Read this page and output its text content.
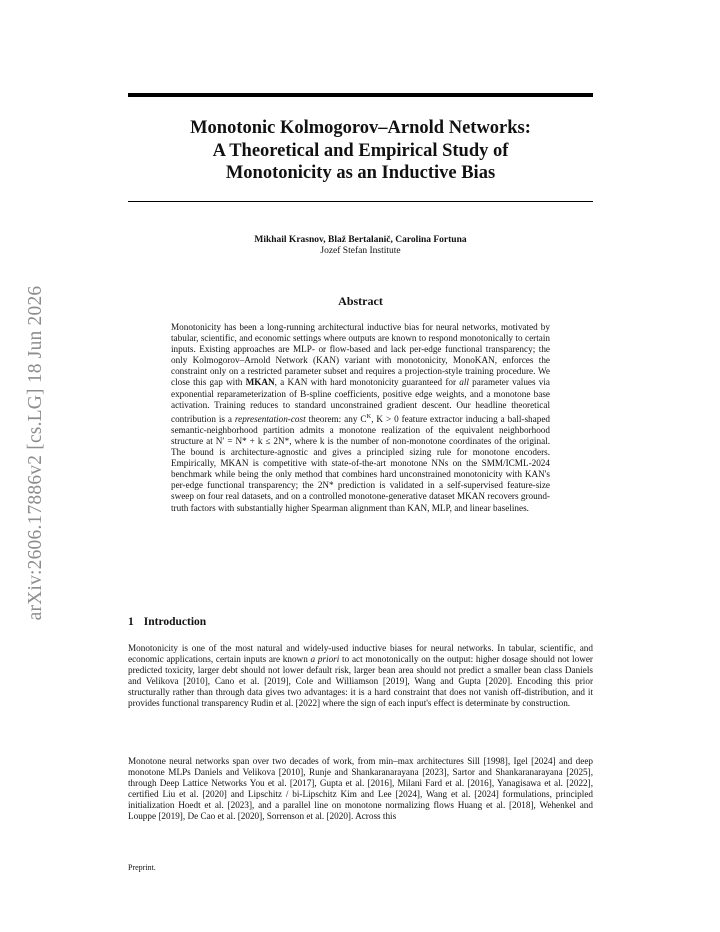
arXiv:2606.17886v2 [cs.LG] 18 Jun 2026
Monotonic Kolmogorov–Arnold Networks:
A Theoretical and Empirical Study of
Monotonicity as an Inductive Bias
Mikhail Krasnov, Blaž Bertalanič, Carolina Fortuna
Jozef Stefan Institute
Abstract
Monotonicity has been a long-running architectural inductive bias for neural networks, motivated by tabular, scientific, and economic settings where outputs are known to respond monotonically to certain inputs. Existing approaches are MLP- or flow-based and lack per-edge functional transparency; the only Kolmogorov–Arnold Network (KAN) variant with monotonicity, MonoKAN, enforces the constraint only on a restricted parameter subset and requires a projection-style training procedure. We close this gap with MKAN, a KAN with hard monotonicity guaranteed for all parameter values via exponential reparameterization of B-spline coefficients, positive edge weights, and a monotone base activation. Training reduces to standard unconstrained gradient descent. Our headline theoretical contribution is a representation-cost theorem: any $C^K$, K > 0 feature extractor inducing a ball-shaped semantic-neighborhood partition admits a monotone realization of the equivalent neighborhood structure at N′ = N* + k ≤ 2N*, where k is the number of non-monotone coordinates of the original. The bound is architecture-agnostic and gives a principled sizing rule for monotone encoders. Empirically, MKAN is competitive with state-of-the-art monotone NNs on the SMM/ICML-2024 benchmark while being the only method that combines hard unconstrained monotonicity with KAN's per-edge functional transparency; the 2N* prediction is validated in a self-supervised feature-size sweep on four real datasets, and on a controlled monotone-generative dataset MKAN recovers ground-truth factors with substantially higher Spearman alignment than KAN, MLP, and linear baselines.
1 Introduction

Monotonicity is one of the most natural and widely-used inductive biases for neural networks. In tabular, scientific, and economic applications, certain inputs are known a priori to act monotonically on the output: higher dosage should not lower predicted toxicity, larger debt should not lower default risk, larger bean area should not predict a smaller bean class Daniels and Velikova [2010], Cano et al. [2019], Cole and Williamson [2019], Wang and Gupta [2020]. Encoding this prior structurally rather than through data gives two advantages: it is a hard constraint that does not vanish off-distribution, and it provides functional transparency Rudin et al. [2022] where the sign of each input's effect is determinate by construction.

Monotone neural networks span over two decades of work, from min–max architectures Sill [1998], Igel [2024] and deep monotone MLPs Daniels and Velikova [2010], Runje and Shankaranarayana [2023], Sartor and Shankaranarayana [2025], through Deep Lattice Networks You et al. [2017], Gupta et al. [2016], Milani Fard et al. [2016], Yanagisawa et al. [2022], certified Liu et al. [2020] and Lipschitz / bi-Lipschitz Kim and Lee [2024], Wang et al. [2024] formulations, principled initialization Hoedt et al. [2023], and a parallel line on monotone normalizing flows Huang et al. [2018], Wehenkel and Louppe [2019], De Cao et al. [2020], Sorrenson et al. [2020]. Across this

Preprint.
